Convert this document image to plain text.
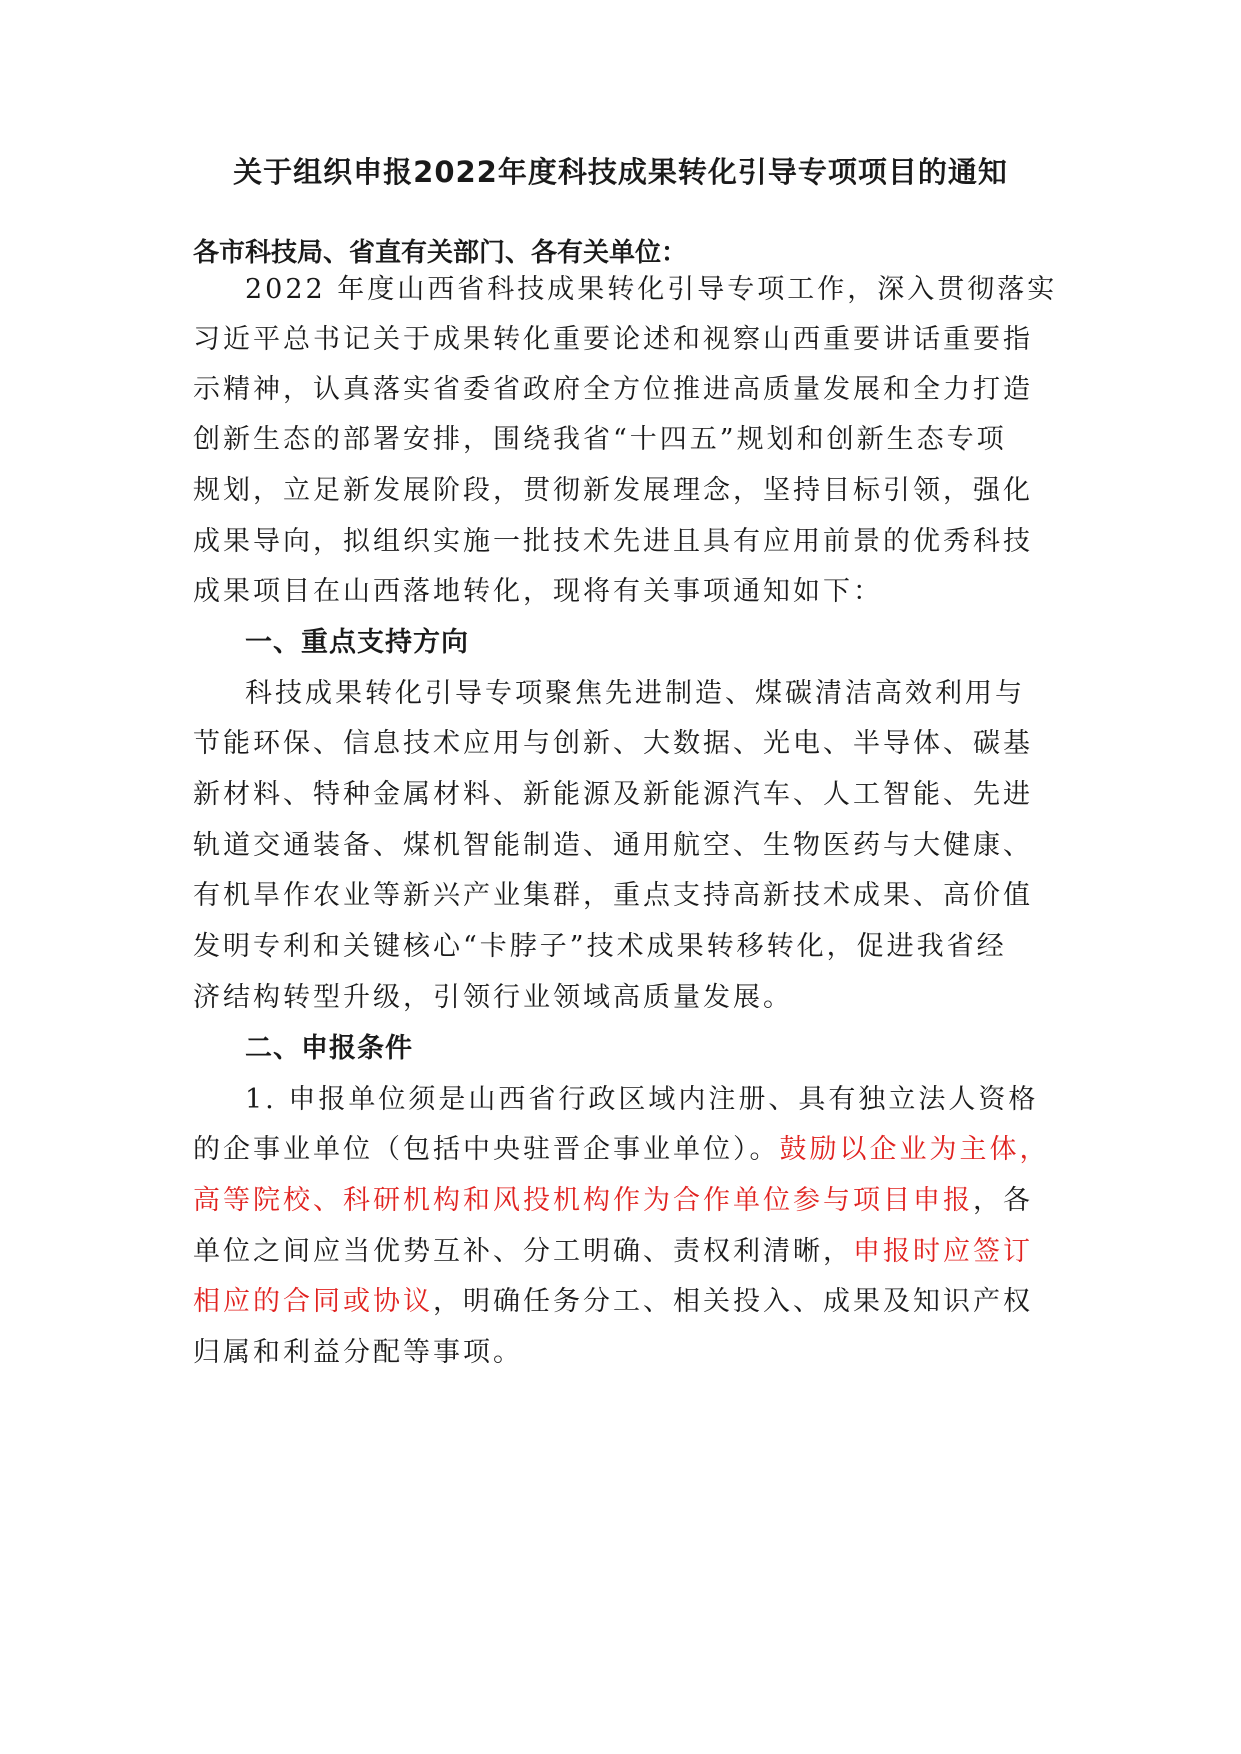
关于组织申报2022年度科技成果转化引导专项项目的通知
各市科技局、省直有关部门、各有关单位：
2022 年度山西省科技成果转化引导专项工作，深入贯彻落实
习近平总书记关于成果转化重要论述和视察山西重要讲话重要指
示精神，认真落实省委省政府全方位推进高质量发展和全力打造
创新生态的部署安排，围绕我省“十四五”规划和创新生态专项
规划，立足新发展阶段，贯彻新发展理念，坚持目标引领，强化
成果导向，拟组织实施一批技术先进且具有应用前景的优秀科技
成果项目在山西落地转化，现将有关事项通知如下：
一、重点支持方向
科技成果转化引导专项聚焦先进制造、煤碳清洁高效利用与
节能环保、信息技术应用与创新、大数据、光电、半导体、碳基
新材料、特种金属材料、新能源及新能源汽车、人工智能、先进
轨道交通装备、煤机智能制造、通用航空、生物医药与大健康、
有机旱作农业等新兴产业集群，重点支持高新技术成果、高价值
发明专利和关键核心“卡脖子”技术成果转移转化，促进我省经
济结构转型升级，引领行业领域高质量发展。
二、申报条件
1. 申报单位须是山西省行政区域内注册、具有独立法人资格
的企事业单位（包括中央驻晋企事业单位）。鼓励以企业为主体，
高等院校、科研机构和风投机构作为合作单位参与项目申报，各
单位之间应当优势互补、分工明确、责权利清晰，申报时应签订
相应的合同或协议，明确任务分工、相关投入、成果及知识产权
归属和利益分配等事项。
